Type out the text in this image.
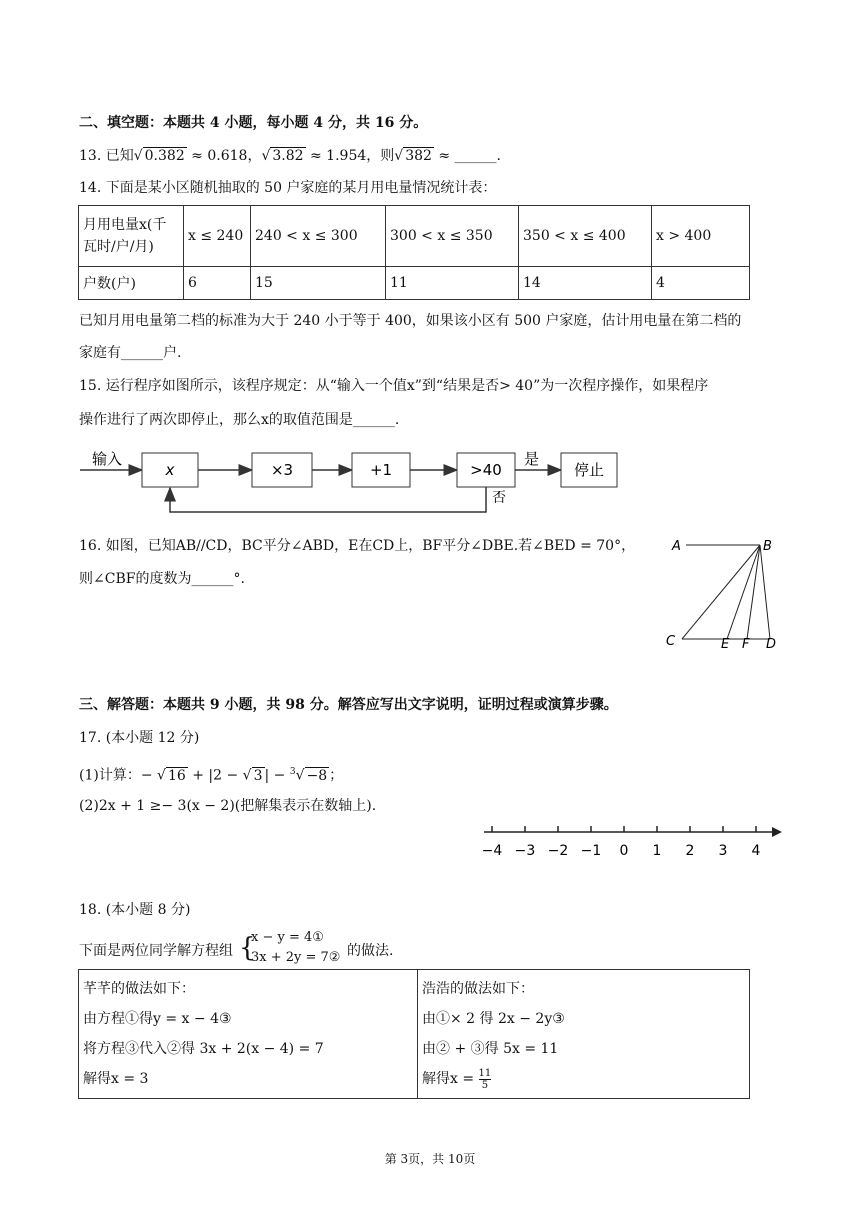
二、填空题：本题共 4 小题，每小题 4 分，共 16 分。
13. 已知√ 0.382 ≈ 0.618，√ 3.82 ≈ 1.954，则√ 382 ≈ ______.
14. 下面是某小区随机抽取的 50 户家庭的某月用电量情况统计表：
月用电量x(千瓦时/户/月)	x ≤ 240	240 < x ≤ 300	300 < x ≤ 350	350 < x ≤ 400	x > 400
户数(户)	6	15	11	14	4
已知月用电量第二档的标准为大于 240 小于等于 400，如果该小区有 500 户家庭，估计用电量在第二档的
家庭有______户.
15. 运行程序如图所示，该程序规定：从“输入一个值x”到“结果是否> 40”为一次程序操作，如果程序
操作进行了两次即停止，那么x的取值范围是______.
输入
x	×3	+1	>40
是
停止
否
16. 如图，已知AB//CD，BC平分∠ABD，E在CD上，BF平分∠DBE.若∠BED = 70°，
则∠CBF的度数为______°.
A	B
C	E F D
三、解答题：本题共 9 小题，共 98 分。解答应写出文字说明，证明过程或演算步骤。
17. (本小题 12 分)
(1)计算：− √ 16 + |2 − √ 3 | − $^3$√ −8 ；
(2)2x + 1 ≥− 3(x − 2)(把解集表示在数轴上).
−4 −3 −2 −1 0 1 2 3 4
18. (本小题 8 分)
下面是两位同学解方程组 {
x − y = 4①
3x + 2y = 7② 的做法.
芊芊的做法如下：
由方程①得y = x − 4③
将方程③代入②得 3x + 2(x − 4) = 7
解得x = 3

浩浩的做法如下：
由①× 2 得 2x − 2y③
由② + ③得 5x = 11
解得$x = \frac{11}{5}$
第 3页，共 10页
